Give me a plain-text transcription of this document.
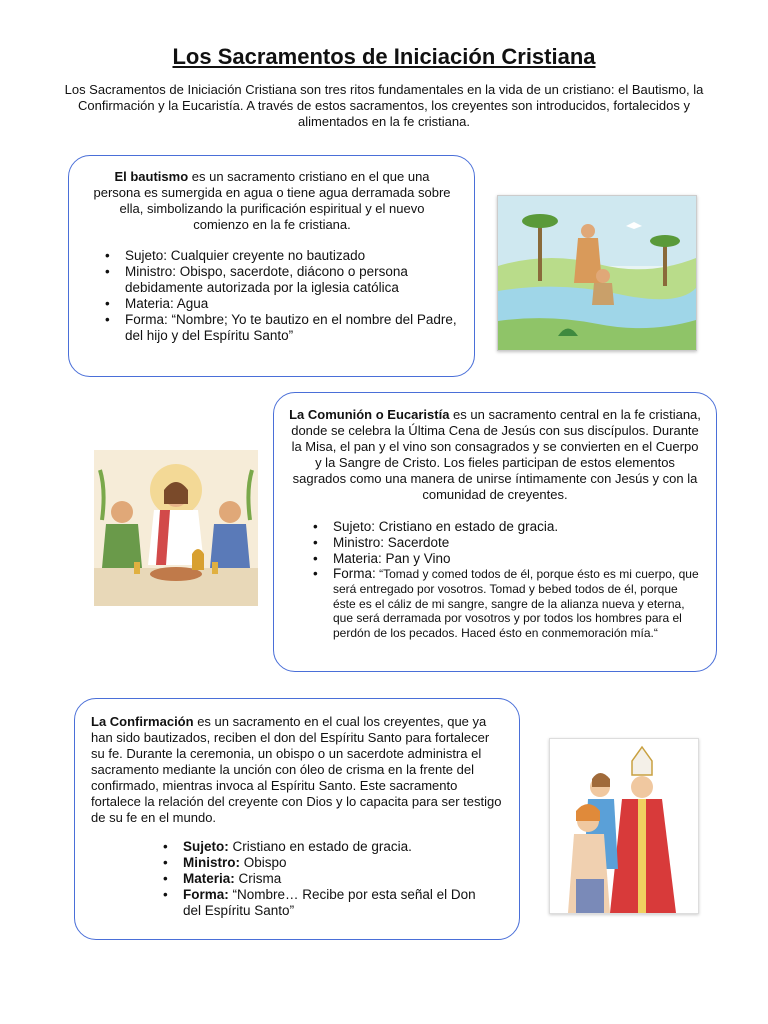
Los Sacramentos de Iniciación Cristiana
Los Sacramentos de Iniciación Cristiana son tres ritos fundamentales en la vida de un cristiano: el Bautismo, la Confirmación y la Eucaristía. A través de estos sacramentos, los creyentes son introducidos, fortalecidos y alimentados en la fe cristiana.

El bautismo es un sacramento cristiano en el que una persona es sumergida en agua o tiene agua derramada sobre ella, simbolizando la purificación espiritual y el nuevo comienzo en la fe cristiana.

• Sujeto: Cualquier creyente no bautizado
• Ministro: Obispo, sacerdote, diácono o persona debidamente autorizada por la iglesia católica
• Materia: Agua
• Forma: “Nombre; Yo te bautizo en el nombre del Padre, del hijo y del Espíritu Santo”

La Comunión o Eucaristía es un sacramento central en la fe cristiana, donde se celebra la Última Cena de Jesús con sus discípulos. Durante la Misa, el pan y el vino son consagrados y se convierten en el Cuerpo y la Sangre de Cristo. Los fieles participan de estos elementos sagrados como una manera de unirse íntimamente con Jesús y con la comunidad de creyentes.

• Sujeto: Cristiano en estado de gracia.
• Ministro: Sacerdote
• Materia: Pan y Vino
• Forma: “Tomad y comed todos de él, porque ésto es mi cuerpo, que será entregado por vosotros. Tomad y bebed todos de él, porque éste es el cáliz de mi sangre, sangre de la alianza nueva y eterna, que será derramada por vosotros y por todos los hombres para el perdón de los pecados. Haced ésto en conmemoración mía.“

La Confirmación es un sacramento en el cual los creyentes, que ya han sido bautizados, reciben el don del Espíritu Santo para fortalecer su fe. Durante la ceremonia, un obispo o un sacerdote administra el sacramento mediante la unción con óleo de crisma en la frente del confirmado, mientras invoca al Espíritu Santo. Este sacramento fortalece la relación del creyente con Dios y lo capacita para ser testigo de su fe en el mundo.

• Sujeto: Cristiano en estado de gracia.
• Ministro: Obispo
• Materia: Crisma
• Forma: “Nombre… Recibe por esta señal el Don del Espíritu Santo”
